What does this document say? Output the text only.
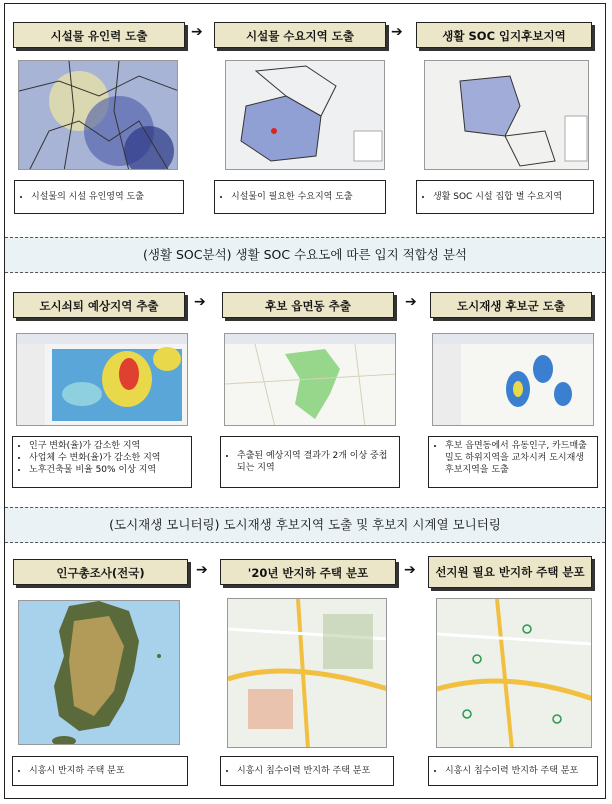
시설물 유인력 도출	➔	시설물 수요지역 도출	➔	생활 SOC 입지후보지역
• 시설물의 시설 유인영역 도출	• 시설물이 필요한 수요지역 도출	• 생활 SOC 시설 집합 별 수요지역
(생활 SOC분석) 생활 SOC 수요도에 따른 입지 적합성 분석
도시쇠퇴 예상지역 추출	➔	후보 읍면동 추출	➔	도시재생 후보군 도출
• 인구 변화(율)가 감소한 지역
• 사업체 수 변화(율)가 감소한 지역
• 노후건축물 비율 50% 이상 지역
• 추출된 예상지역 결과가 2개 이상 중첩되는 지역
• 후보 읍면동에서 유동인구, 카드매출 밀도 하위지역을 교차시켜 도시재생 후보지역을 도출
(도시재생 모니터링) 도시재생 후보지역 도출 및 후보지 시계열 모니터링
인구총조사(전국)	➔	'20년 반지하 주택 분포	➔ 선지원 필요 반지하 주택 분포
• 시흥시 반지하 주택 분포	• 시흥시 침수이력 반지하 주택 분포	• 시흥시 침수이력 반지하 주택 분포
